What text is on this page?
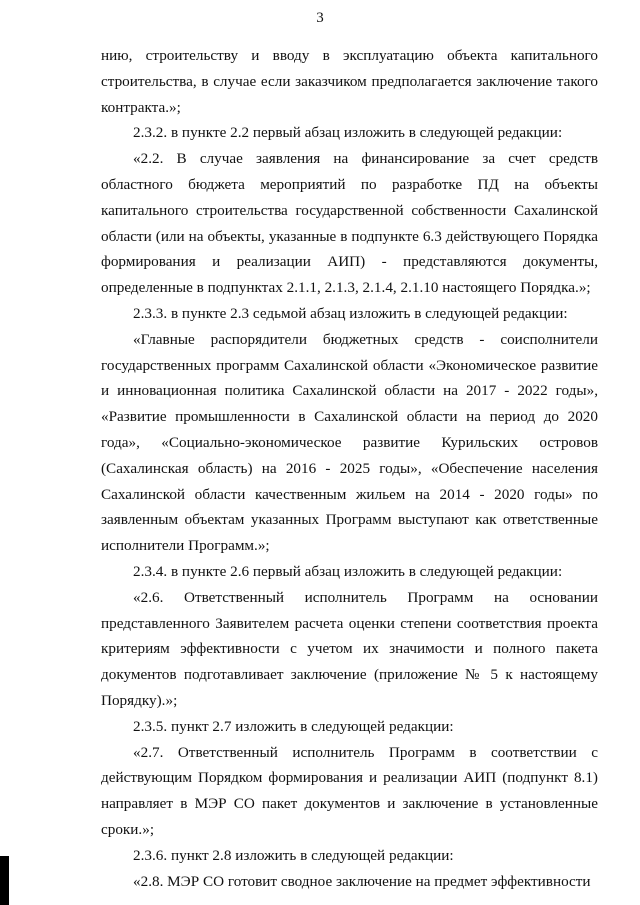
3

нию, строительству и вводу в эксплуатацию объекта капитального строительства, в случае если заказчиком предполагается заключение такого контракта.»;

2.3.2. в пункте 2.2 первый абзац изложить в следующей редакции:

«2.2. В случае заявления на финансирование за счет средств областного бюджета мероприятий по разработке ПД на объекты капитального строительства государственной собственности Сахалинской области (или на объекты, указанные в подпункте 6.3 действующего Порядка формирования и реализации АИП) - представляются документы, определенные в подпунктах 2.1.1, 2.1.3, 2.1.4, 2.1.10 настоящего Порядка.»;

2.3.3. в пункте 2.3 седьмой абзац изложить в следующей редакции:

«Главные распорядители бюджетных средств - соисполнители государственных программ Сахалинской области «Экономическое развитие и инновационная политика Сахалинской области на 2017 - 2022 годы», «Развитие промышленности в Сахалинской области на период до 2020 года», «Социально-экономическое развитие Курильских островов (Сахалинская область) на 2016 - 2025 годы», «Обеспечение населения Сахалинской области качественным жильем на 2014 - 2020 годы» по заявленным объектам указанных Программ выступают как ответственные исполнители Программ.»;

2.3.4. в пункте 2.6 первый абзац изложить в следующей редакции:

«2.6. Ответственный исполнитель Программ на основании представленного Заявителем расчета оценки степени соответствия проекта критериям эффективности с учетом их значимости и полного пакета документов подготавливает заключение (приложение № 5 к настоящему Порядку).»;

2.3.5. пункт 2.7 изложить в следующей редакции:

«2.7. Ответственный исполнитель Программ в соответствии с действующим Порядком формирования и реализации АИП (подпункт 8.1) направляет в МЭР СО пакет документов и заключение в установленные сроки.»;

2.3.6. пункт 2.8 изложить в следующей редакции:

«2.8. МЭР СО готовит сводное заключение на предмет эффективности
